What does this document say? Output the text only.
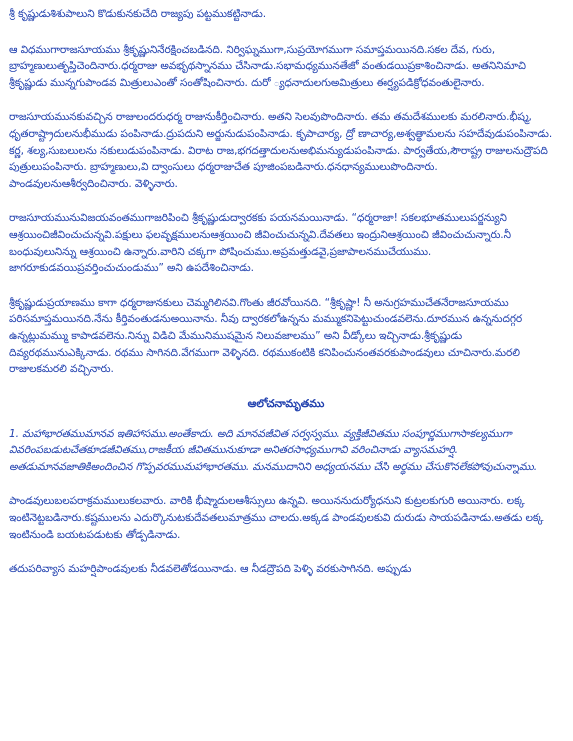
శ్రీ కృష్ణుడుశిశుపాలుని కొడుకునకుచేది రాజ్యపు పట్టముకట్టినాడు.

ఆ విధముగారాజసూయము శ్రీకృష్ణునినేరక్షించబడినది. నిర్విఘ్నముగా,సుప్రయోగముగా సమాప్తమయినది.సకల దేవ, గురు, బ్రాహ్మణులుతృప్తిచెందినారు.ధర్మరాజు అవభృథస్నానము చేసినాడు.సభామధ్యమునతేజో వంతుడయిప్రకాశించినాడు. అతనినిమాచి శ్రీకృష్ణుడు మున్నగుపాండవ మిత్రులుఎంతో సంతోషించినారు. దురో ్యధనాదులగుఅమిత్రులు ఈర్ష్యపడిక్రోధవంతులైనారు.

రాజసూయమునకువచ్చిన రాజులందరుధర్మ రాజునుకీర్తించినారు. అతని సెలవుపొందినారు. తమ తమదేశములకు మరలినారు.భీష్మ, ధృతరాష్ట్రాదులనుభీముడు పంపినాడు.ద్రుపదుని అర్జునుడుపంపినాడు. కృపాచార్య, ద్రో ణాచార్య,అశ్వత్థామలను సహదేవుడుపంపినాడు. కర్ణ, శల్య,సుబలులను నకులుడుపంపినాడు. విరాట రాజ,భగదత్తాదులనుఅభిమన్యుడుపంపినాడు. పార్వతేయ,సౌరాష్ట్ర రాజులనుద్రౌపది పుత్రులుపంపినారు. బ్రాహ్మణులు,వి ద్వాంసులు ధర్మరాజుచేత పూజింపబడినారు.ధనధాన్యములుపొందినారు. పాండవులనుఆశీర్వదించినారు. వెళ్ళినారు.

రాజసూయమునువిజయవంతముగాజరిపించి శ్రీకృష్ణుడుద్వారకకు పయనమయినాడు. “ధర్మరాజా! సకలభూతములుపర్జన్యుని ఆశ్రయించిజీవించుచున్నవి.పక్షులు ఫలవృక్షములనుఆశ్రయించి జీవించుచున్నవి.దేవతలు ఇంద్రునిఆశ్రయించి జీవించుచున్నారు.నీ బంధువులునిన్ను ఆశ్రయించి ఉన్నారు.వారిని చక్కగా పోషించుము.అప్రమత్తుడవై,ప్రజాపాలనముచేయుము. జాగరూకుడవయిప్రవర్తించుచుండుము” అని ఉపదేశించినాడు.

శ్రీకృష్ణుడుప్రయాణము కాగా ధర్మరాజునకులు చెమ్మగిలినవి.గొంతు జీరవోయినది. “శ్రీకృష్ణా! నీ అనుగ్రహముచేతనేరాజసూయము పరిసమాప్తమయినది.నేను కీర్తివంతుడనుఅయినాను. నీవు ద్వారకలోఉన్నను మమ్ముకనిపెట్టుచుండవలెను.దూరమున ఉన్ననుదగ్గర ఉన్నట్లుమమ్ము కాపాడవలెను.నిన్ను విడిచి మేమునిముషమైన నిలువజాలము” అని వీడ్కోలు ఇచ్చినాడు.శ్రీకృష్ణుడు దివ్యరథమునుఎక్కినాడు. రథము సాగినది.వేగముగా వెళ్ళినది. రథముకంటికి కనిపించునంతవరకుపాండవులు చూచినారు.మరలి రాజులకమరలి వచ్చినారు.

ఆలోచనామృతము

1. మహాభారతముమానవ ఇతిహాసము.అంతేకాదు. అది మానవజీవిత సర్వస్వము. వ్యక్తిజీవితము సంపూర్ణముగాసాకల్యముగా వివరింపబడుటచేతకూడజీవితము,రాజకీయ జీవితమునుకూడా అనితరసాధ్యముగావి వరించినాడు వ్యాసమహర్షి. అతడుమానవజాతికిఅందించిన గొప్పవరముమహాభారతము. మనముదానిని అధ్యయనము చేసి అర్థము చేసుకొనలేకపోవుచున్నాము.

పాండవులుబలపరాక్రమములుకలవారు. వారికి భీష్మాదులఆశీస్సులు ఉన్నవి. అయిననుదుర్యోధనుని కుట్రలకుగురి అయినారు. లక్క ఇంటినెట్టబడినారు.కష్టములను ఎదుర్కొనుటకుదేవతలుమాత్రము చాలదు.అక్కడ పాండవులకువి దురుడు సాయపడినాడు.అతడు లక్క ఇంటినుండి బయటపడుటకు తోడ్పడినాడు.

తదుపరివ్యాస మహర్షిపాండవులకు నీడవలెతోడయినాడు. ఆ నీడద్రౌపది పెళ్ళి వరకుసాగినది. అప్పుడు
